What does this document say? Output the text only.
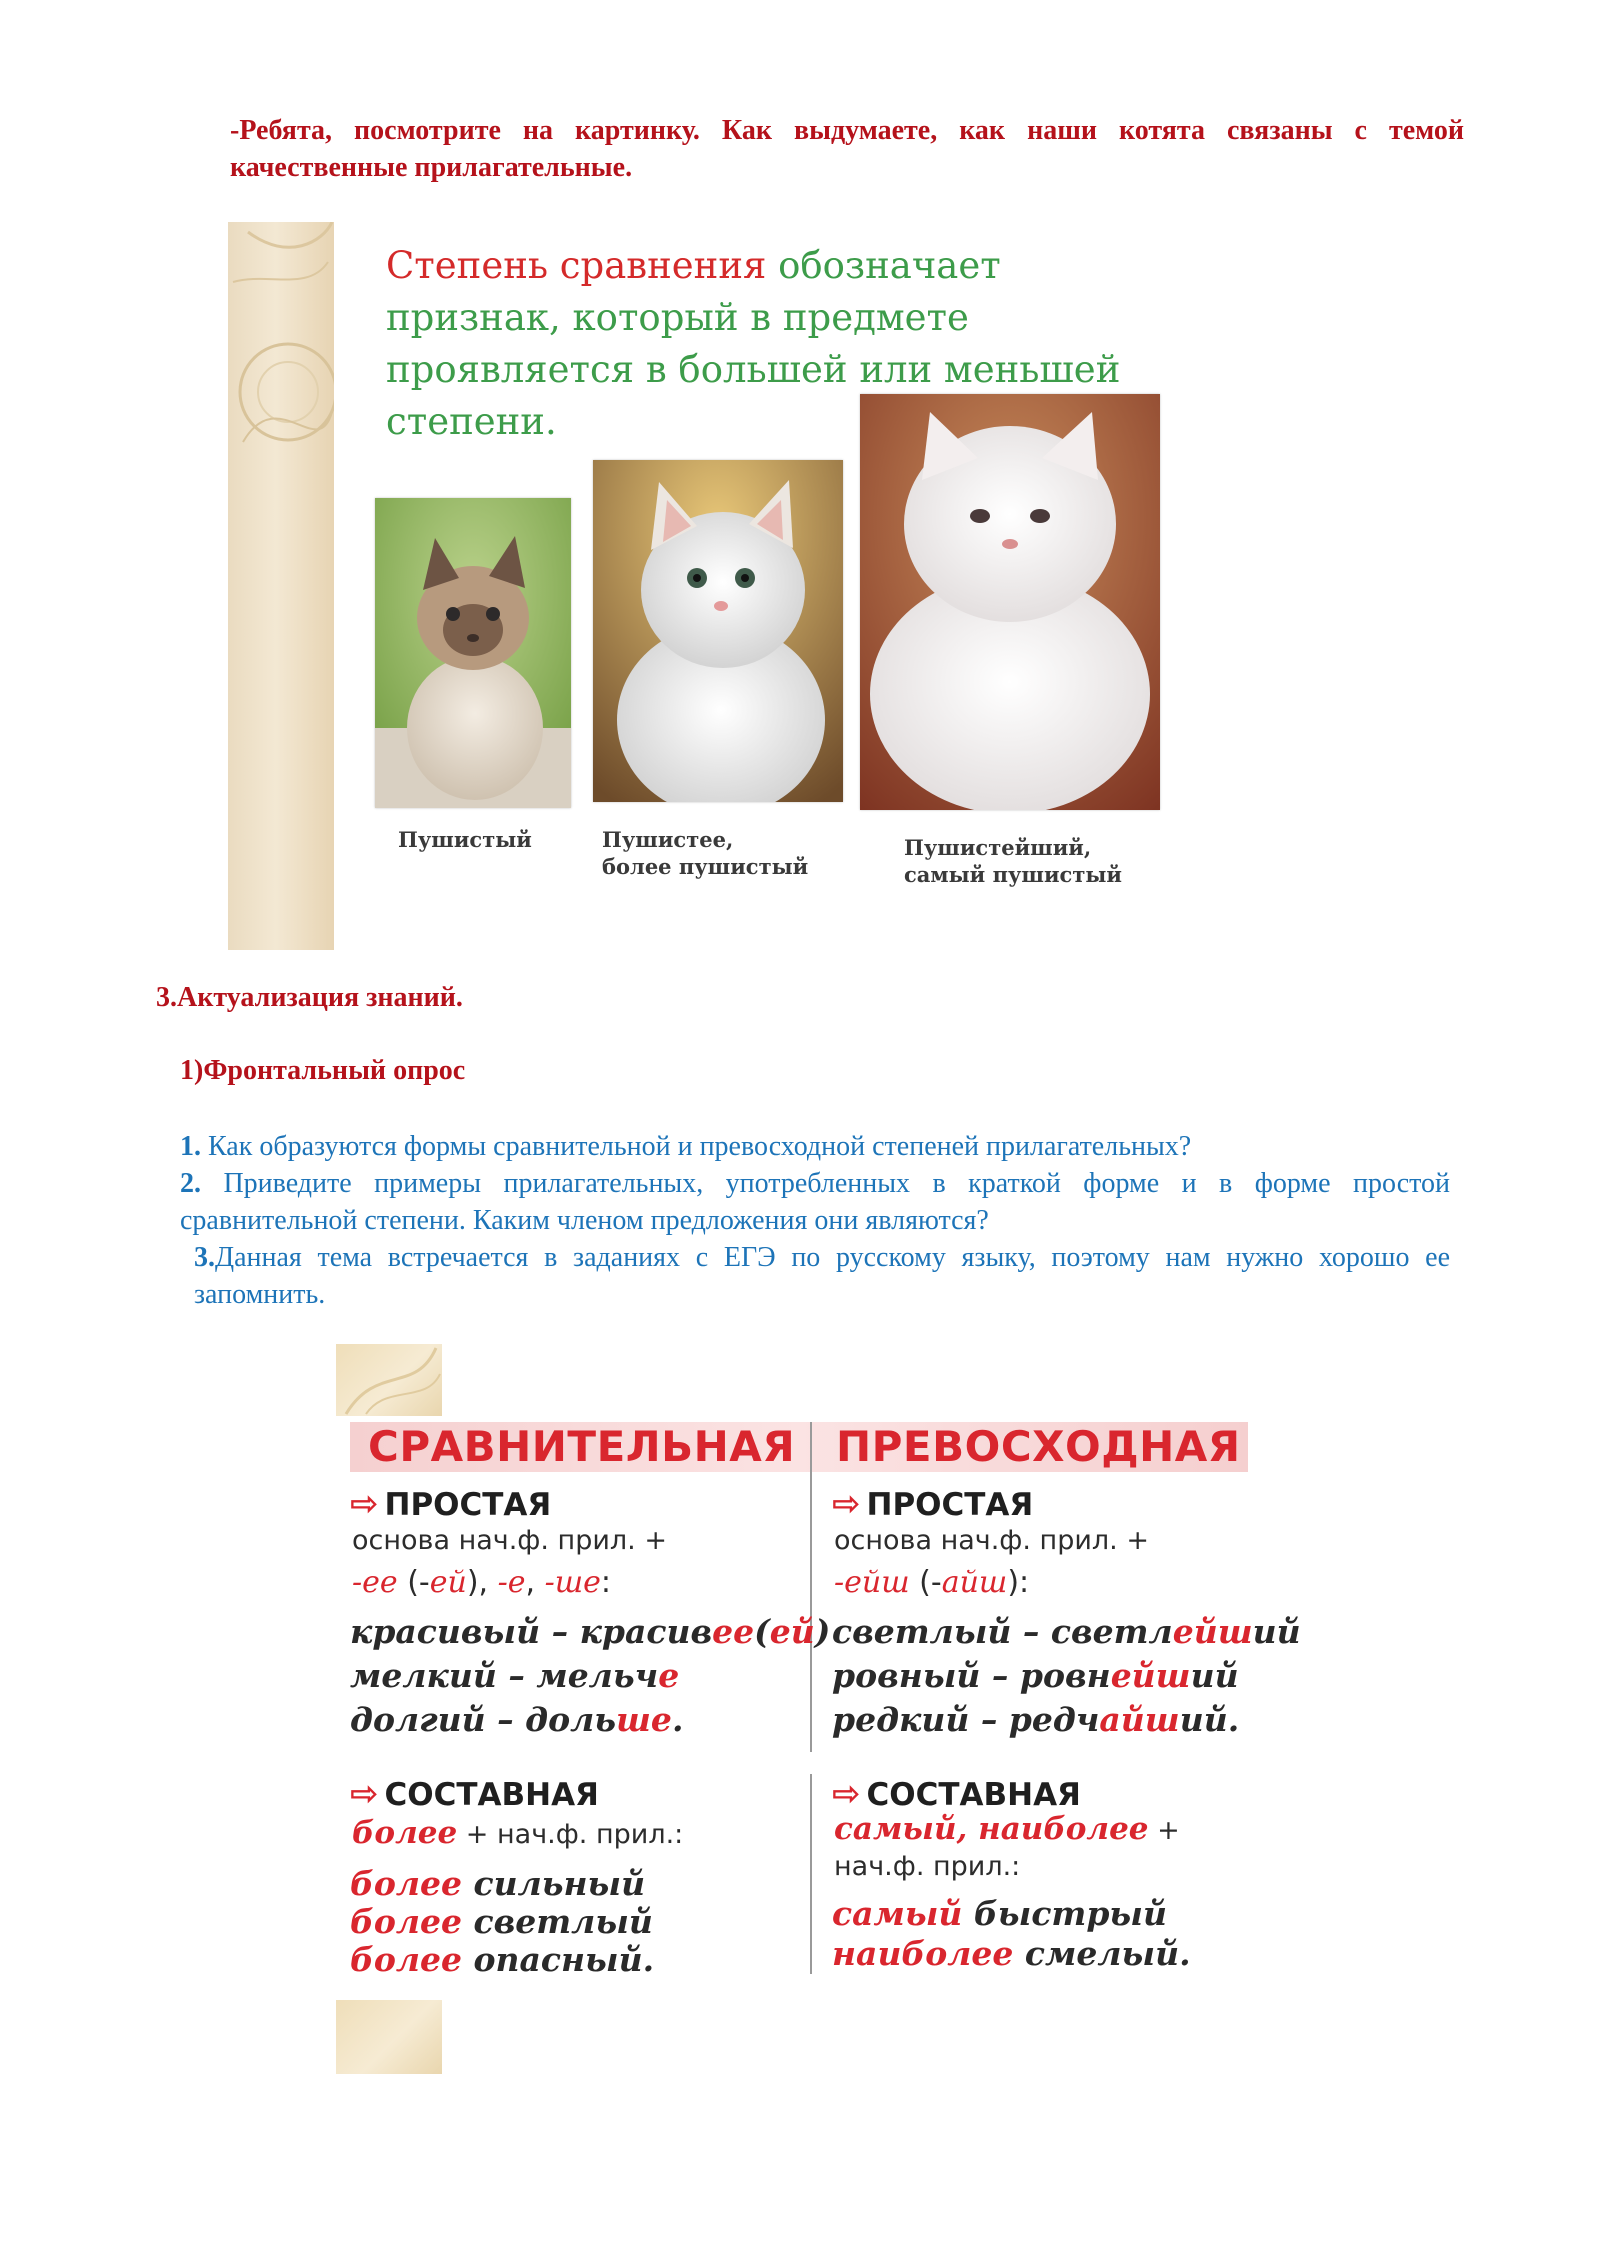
-Ребята, посмотрите на картинку. Как выдумаете, как наши котята связаны с темой качественные прилагательные.
Степень сравнения обозначает признак, который в предмете проявляется в большей или меньшей степени.
Пушистый	Пушистее,
более пушистый
Пушистейший,
самый пушистый
3.Актуализация знаний.
1)Фронтальный опрос

1. Как образуются формы сравнительной и превосходной степеней прилагательных?

2. Приведите примеры прилагательных, употребленных в краткой форме и в форме простой сравнительной степени. Каким членом предложения они являются?

3.Данная тема встречается в заданиях с ЕГЭ по русскому языку, поэтому нам нужно хорошо ее запомнить.

СРАВНИТЕЛЬНАЯ ПРЕВОСХОДНАЯ
⇨ ПРОСТАЯ
основа нач.ф. прил. +
-ее (-ей), -е, -ше:
красивый – красивее(ей)
мелкий – мельче
долгий – дольше.
⇨ СОСТАВНАЯ
более + нач.ф. прил.:
более сильный
более светлый
более опасный.
⇨ ПРОСТАЯ
основа нач.ф. прил. +
-ейш (-айш):
светлый – светлейший
ровный – ровнейший
редкий – редчайший.
⇨ СОСТАВНАЯ
самый, наиболее +
нач.ф. прил.:
самый быстрый
наиболее смелый.
